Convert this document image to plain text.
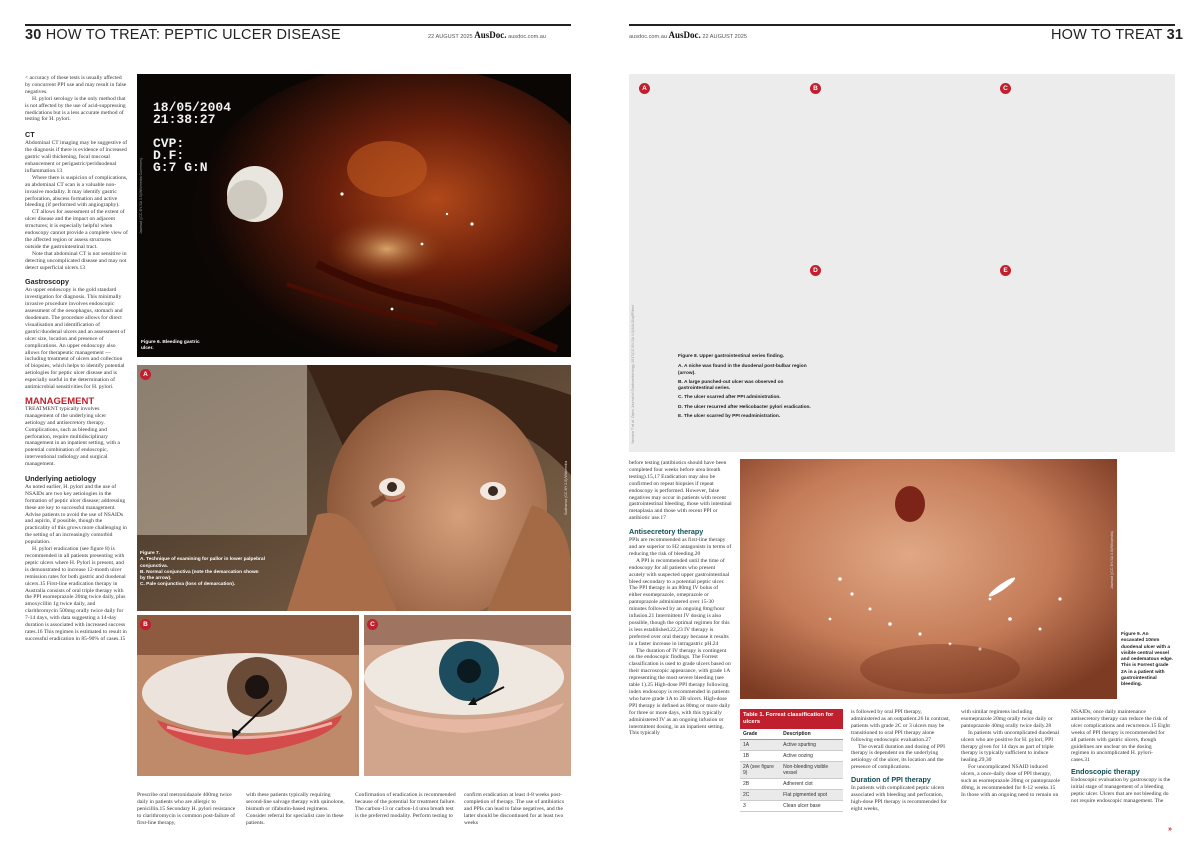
30 HOW TO TREAT: PEPTIC ULCER DISEASE	22 AUGUST 2025 AusDoc. ausdoc.com.au

< accuracy of these tests is usually affected by concurrent PPI use and may result in false negatives.

H. pylori serology is the only method that is not affected by the use of acid-suppressing medications but is a less accurate method of testing for H. pylori.

CT

Abdominal CT imaging may be suggestive of the diagnosis if there is evidence of increased gastric wall thickening, focal mucosal enhancement or perigastric/periduodenal inflammation.13

Where there is suspicion of complications, an abdominal CT scan is a valuable non-invasive modality. It may identify gastric perforation, abscess formation and active bleeding (if performed with angiography).

CT allows for assessment of the extent of ulcer disease and the impact on adjacent structures; it is especially helpful when endoscopy cannot provide a complete view of the affected region or assess structures outside the gastrointestinal tract.

Note that abdominal CT is not sensitive in detecting uncomplicated disease and may not detect superficial ulcers.13

Gastroscopy

An upper endoscopy is the gold standard investigation for diagnosis. This minimally invasive procedure involves endoscopic assessment of the oesophagus, stomach and duodenum. The procedure allows for direct visualisation and identification of gastric/duodenal ulcers and an assessment of ulcer size, location and presence of complications. An upper endoscopy also allows for therapeutic management — including treatment of ulcers and collection of biopsies, which helps to identify potential aetiologies for peptic ulcer disease and is especially useful in the determination of antimicrobial sensitivities for H. pylori.

MANAGEMENT

TREATMENT typically involves management of the underlying ulcer aetiology and antisecretory therapy. Complications, such as bleeding and perforation, require multidisciplinary management in an inpatient setting, with a potential combination of endoscopic, interventional radiology and surgical management.

Underlying aetiology

As noted earlier, H. pylori and the use of NSAIDs are two key aetiologies in the formation of peptic ulcer disease; addressing these are key to successful management. Advise patients to avoid the use of NSAIDs and aspirin, if possible, though the practicality of this grows more challenging in the setting of an increasingly comorbid population.

H. pylori eradication (see figure 8) is recommended in all patients presenting with peptic ulcers where H. Pylori is present, and is demonstrated to increase 12-month ulcer remission rates for both gastric and duodenal ulcers.15 First-line eradication therapy in Australia consists of oral triple therapy with the PPI esomeprazole 20mg twice daily, plus amoxycillin 1g twice daily, and clarithromycin 500mg orally twice daily for 7-14 days, with data suggesting a 14-day duration is associated with increased success rates.16 This regimen is estimated to result in successful eradication in 85-90% of cases.15

18/05/2004
21:38:27

CVP:
D.F:
G:7 G:N
Figure 6. Bleeding gastric ulcer.
Jawwad ((CC BY-SA 3.0)/Wikimedia Commons)
A
Figure 7.
A. Technique of examining for pallor in lower palpebral conjunctiva.
B. Normal conjunctiva (note the demarcation shown by the arrow).
C. Pale conjunctiva (loss of demarcation).
Sudhanva (CC BY 2.0)/Wikimedia
B	C
Prescribe oral metronidazole 400mg twice daily in patients who are allergic to penicillin.15 Secondary H. pylori resistance to clarithromycin is common post-failure of first-line therapy,
with these patients typically requiring second-line salvage therapy with quinolone, bismuth or rifabutin-based regimens. Consider referral for specialist care in these patients.
Confirmation of eradication is recommended because of the potential for treatment failure. The carbon-13 or carbon-14 urea breath test is the preferred modality. Perform testing to
confirm eradication at least 4-8 weeks post-completion of therapy. The use of antibiotics and PPIs can lead to false negatives, and the latter should be discontinued for at least two weeks
ausdoc.com.au AusDoc. 22 AUGUST 2025	HOW TO TREAT 31
A	B	C
D	E
Yamane T et al. Open Journal of Gastroenterology 2017(CC BY-SA 4.0)/UAJS/ajPRtest	Figure 8. Upper gastrointestinal series finding.
A. A niche was found in the duodenal post-bulbar region (arrow).
B. A large punched-out ulcer was observed on gastrointestinal series.
C. The ulcer scarred after PPI administration.
D. The ulcer recurred after Helicobacter pylori eradication.
E. The ulcer scarred by PPI readministration.

before testing (antibiotics should have been completed four weeks before urea breath testing).15,17 Eradication may also be confirmed on repeat biopsies if repeat endoscopy is performed. However, false negatives may occur in patients with recent gastrointestinal bleeding, those with intestinal metaplasia and those with recent PPI or antibiotic use.17

Antisecretory therapy

PPIs are recommended as first-line therapy and are superior to H2 antagonists in terms of reducing the risk of bleeding.20

A PPI is recommended until the time of endoscopy for all patients who present acutely with suspected upper gastrointestinal bleed secondary to a potential peptic ulcer. The PPI therapy is an 80mg IV bolus of either esomeprazole, omeprazole or pantoprazole administered over 15-30 minutes followed by an ongoing 8mg/hour infusion.21 Intermittent IV dosing is also possible, though the optimal regimen for this is less established.22,23 IV therapy is preferred over oral therapy because it results in a faster increase in intragastric pH.24

The duration of IV therapy is contingent on the endoscopic findings. The Forrest classification is used to grade ulcers based on their macroscopic appearance, with grade 1A representing the most severe bleeding (see table 1).25 High-dose PPI therapy following index endoscopy is recommended in patients who have grade 1A to 2B ulcers. High-dose PPI therapy is defined as 80mg or more daily for three or more days, with this typically administered IV as an ongoing infusion or intermittent dosing, in an inpatient setting. This typically

Jawwad ((CC BY-SA 3.0)/Wikipedia)
Figure 9. An excavated 10mm duodenal ulcer with a visible central vessel and oedematous edge. This is Forrest grade 2A in a patient with gastrointestinal bleeding.
Table 1. Forrest classification for ulcers
Grade	Description
1A	Active spurting
1B	Active oozing
2A (see figure 9)	Non-bleeding visible vessel
2B	Adherent clot
2C	Flat pigmented spot
3	Clean ulcer base

is followed by oral PPI therapy, administered as an outpatient.26 In contrast, patients with grade 2C or 3 ulcers may be transitioned to oral PPI therapy alone following endoscopic evaluation.27

The overall duration and dosing of PPI therapy is dependent on the underlying aetiology of the ulcer, its location and the presence of complications.

Duration of PPI therapy

In patients with complicated peptic ulcers associated with bleeding and perforation, high-dose PPI therapy is recommended for eight weeks,

with similar regimens including esomeprazole 20mg orally twice daily or pantoprazole 40mg orally twice daily.28

In patients with uncomplicated duodenal ulcers who are positive for H. pylori, PPI therapy given for 14 days as part of triple therapy is typically sufficient to induce healing.29,30

For uncomplicated NSAID induced ulcers, a once-daily dose of PPI therapy, such as esomeprazole 20mg or pantoprazole 40mg, is recommended for 8-12 weeks.15 In those with an ongoing need to remain on

NSAIDs, once daily maintenance antisecretory therapy can reduce the risk of ulcer complications and recurrence.15 Eight weeks of PPI therapy is recommended for all patients with gastric ulcers, though guidelines are unclear on the dosing regimen in uncomplicated H. pylori-cases.31

Endoscopic therapy

Endoscopic evaluation by gastroscopy is the initial stage of management of a bleeding peptic ulcer. Ulcers that are not bleeding do not require endoscopic management. The

»
